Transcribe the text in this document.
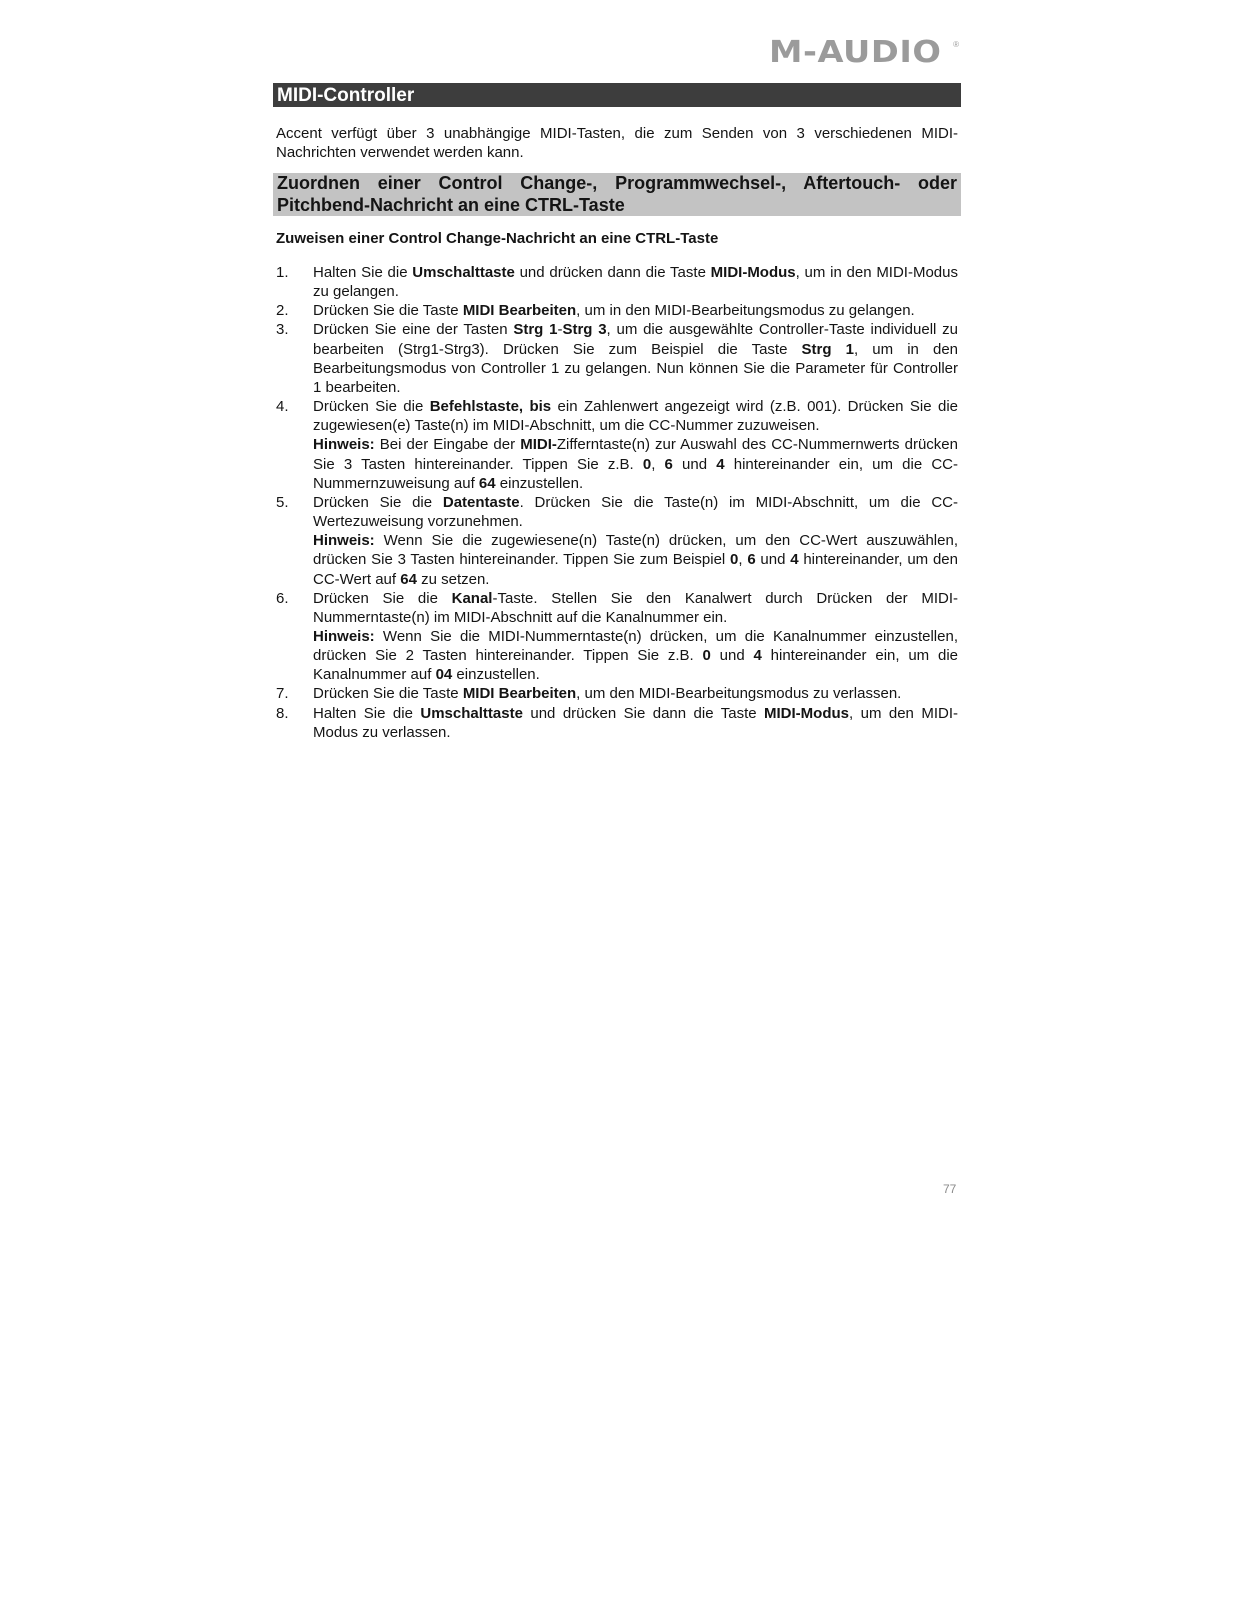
M-AUDIO ®
MIDI-Controller
Accent verfügt über 3 unabhängige MIDI-Tasten, die zum Senden von 3 verschiedenen MIDI-Nachrichten verwendet werden kann.
Zuordnen einer Control Change-, Programmwechsel-, Aftertouch- oder
Pitchbend-Nachricht an eine CTRL-Taste
Zuweisen einer Control Change-Nachricht an eine CTRL-Taste
1. Halten Sie die Umschalttaste und drücken dann die Taste MIDI-Modus, um in den MIDI-Modus zu gelangen.
2. Drücken Sie die Taste MIDI Bearbeiten, um in den MIDI-Bearbeitungsmodus zu gelangen.
3. Drücken Sie eine der Tasten Strg 1-Strg 3, um die ausgewählte Controller-Taste individuell zu bearbeiten (Strg1-Strg3). Drücken Sie zum Beispiel die Taste Strg 1, um in den Bearbeitungsmodus von Controller 1 zu gelangen. Nun können Sie die Parameter für Controller 1 bearbeiten.
4. Drücken Sie die Befehlstaste, bis ein Zahlenwert angezeigt wird (z.B. 001). Drücken Sie die zugewiesen(e) Taste(n) im MIDI-Abschnitt, um die CC-Nummer zuzuweisen.
Hinweis: Bei der Eingabe der MIDI-Zifferntaste(n) zur Auswahl des CC-Nummernwerts drücken Sie 3 Tasten hintereinander. Tippen Sie z.B. 0, 6 und 4 hintereinander ein, um die CC-Nummernzuweisung auf 64 einzustellen.
5. Drücken Sie die Datentaste. Drücken Sie die Taste(n) im MIDI-Abschnitt, um die CC-Wertezuweisung vorzunehmen.
Hinweis: Wenn Sie die zugewiesene(n) Taste(n) drücken, um den CC-Wert auszuwählen, drücken Sie 3 Tasten hintereinander. Tippen Sie zum Beispiel 0, 6 und 4 hintereinander, um den CC-Wert auf 64 zu setzen.
6. Drücken Sie die Kanal-Taste. Stellen Sie den Kanalwert durch Drücken der MIDI-Nummerntaste(n) im MIDI-Abschnitt auf die Kanalnummer ein.
Hinweis: Wenn Sie die MIDI-Nummerntaste(n) drücken, um die Kanalnummer einzustellen, drücken Sie 2 Tasten hintereinander. Tippen Sie z.B. 0 und 4 hintereinander ein, um die Kanalnummer auf 04 einzustellen.
7. Drücken Sie die Taste MIDI Bearbeiten, um den MIDI-Bearbeitungsmodus zu verlassen.
8. Halten Sie die Umschalttaste und drücken Sie dann die Taste MIDI-Modus, um den MIDI-Modus zu verlassen.
77
